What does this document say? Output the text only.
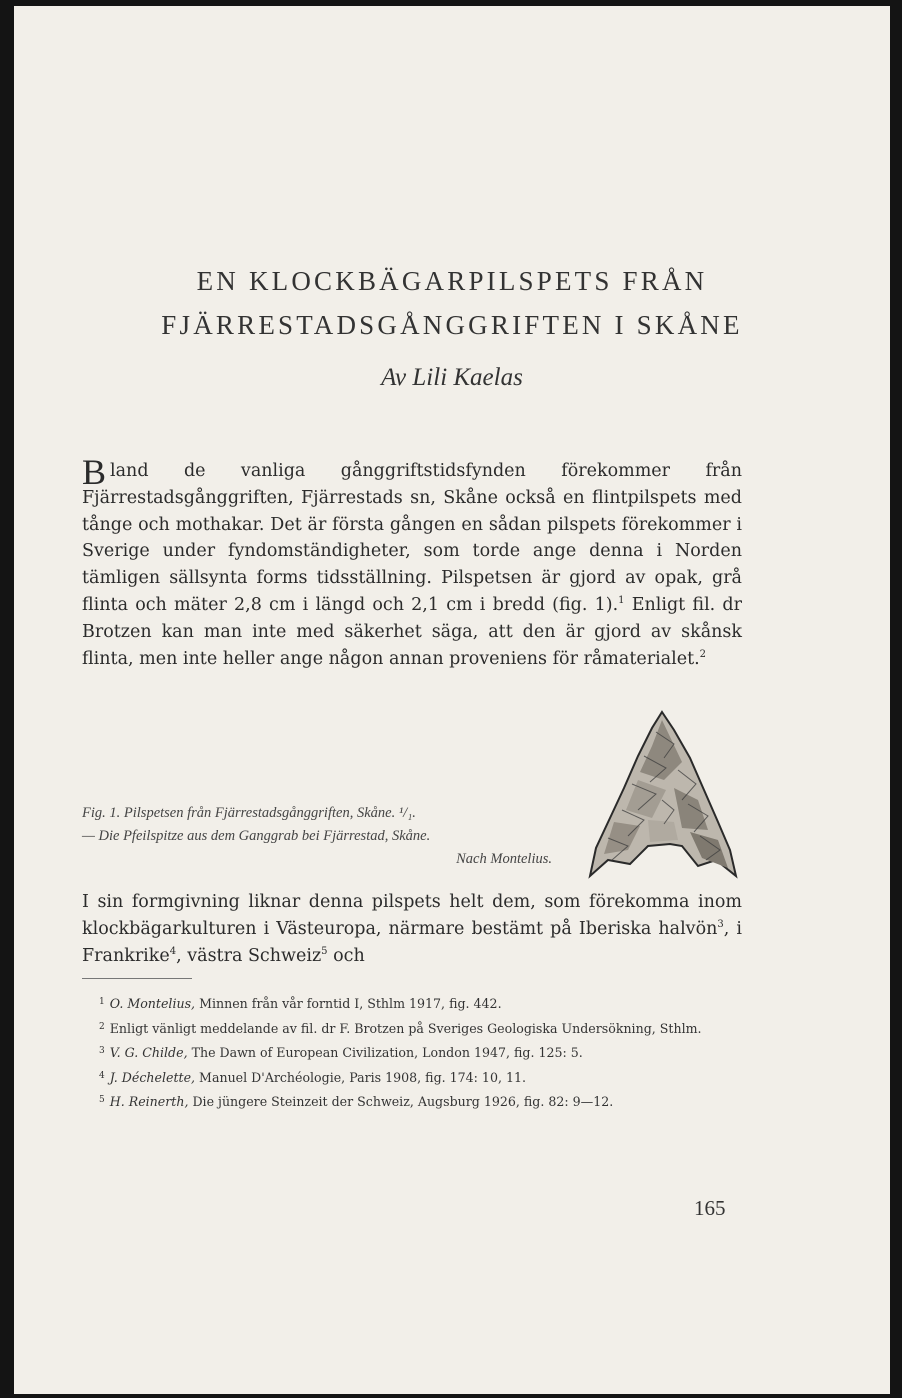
EN KLOCKBÄGARPILSPETS FRÅN
FJÄRRESTADSGÅNGGRIFTEN I SKÅNE
Av Lili Kaelas

Bland de vanliga gånggriftstidsfynden förekommer från Fjärrestadsgånggriften, Fjärrestads sn, Skåne också en flintpilspets med tånge och mothakar. Det är första gången en sådan pilspets förekommer i Sverige under fyndomständigheter, som torde ange denna i Norden tämligen sällsynta forms tidsställning. Pilspetsen är gjord av opak, grå flinta och mäter 2,8 cm i längd och 2,1 cm i bredd (fig. 1).$^1$ Enligt fil. dr Brotzen kan man inte med säkerhet säga, att den är gjord av skånsk flinta, men inte heller ange någon annan proveniens för råmaterialet.$^2$

Fig. 1. Pilspetsen från Fjärrestadsgånggriften, Skåne. ¹/₁.
— Die Pfeilspitze aus dem Ganggrab bei Fjärrestad, Skåne.

Nach Montelius.

I sin formgivning liknar denna pilspets helt dem, som förekomma inom klockbägarkulturen i Västeuropa, närmare bestämt på Iberiska halvön$^3$, i Frankrike$^4$, västra Schweiz$^5$ och

$^1$ O. Montelius, Minnen från vår forntid I, Sthlm 1917, fig. 442.

$^2$ Enligt vänligt meddelande av fil. dr F. Brotzen på Sveriges Geologiska Undersökning, Sthlm.

$^3$ V. G. Childe, The Dawn of European Civilization, London 1947, fig. 125: 5.

$^4$ J. Déchelette, Manuel D'Archéologie, Paris 1908, fig. 174: 10, 11.

$^5$ H. Reinerth, Die jüngere Steinzeit der Schweiz, Augsburg 1926, fig. 82: 9—12.

165
